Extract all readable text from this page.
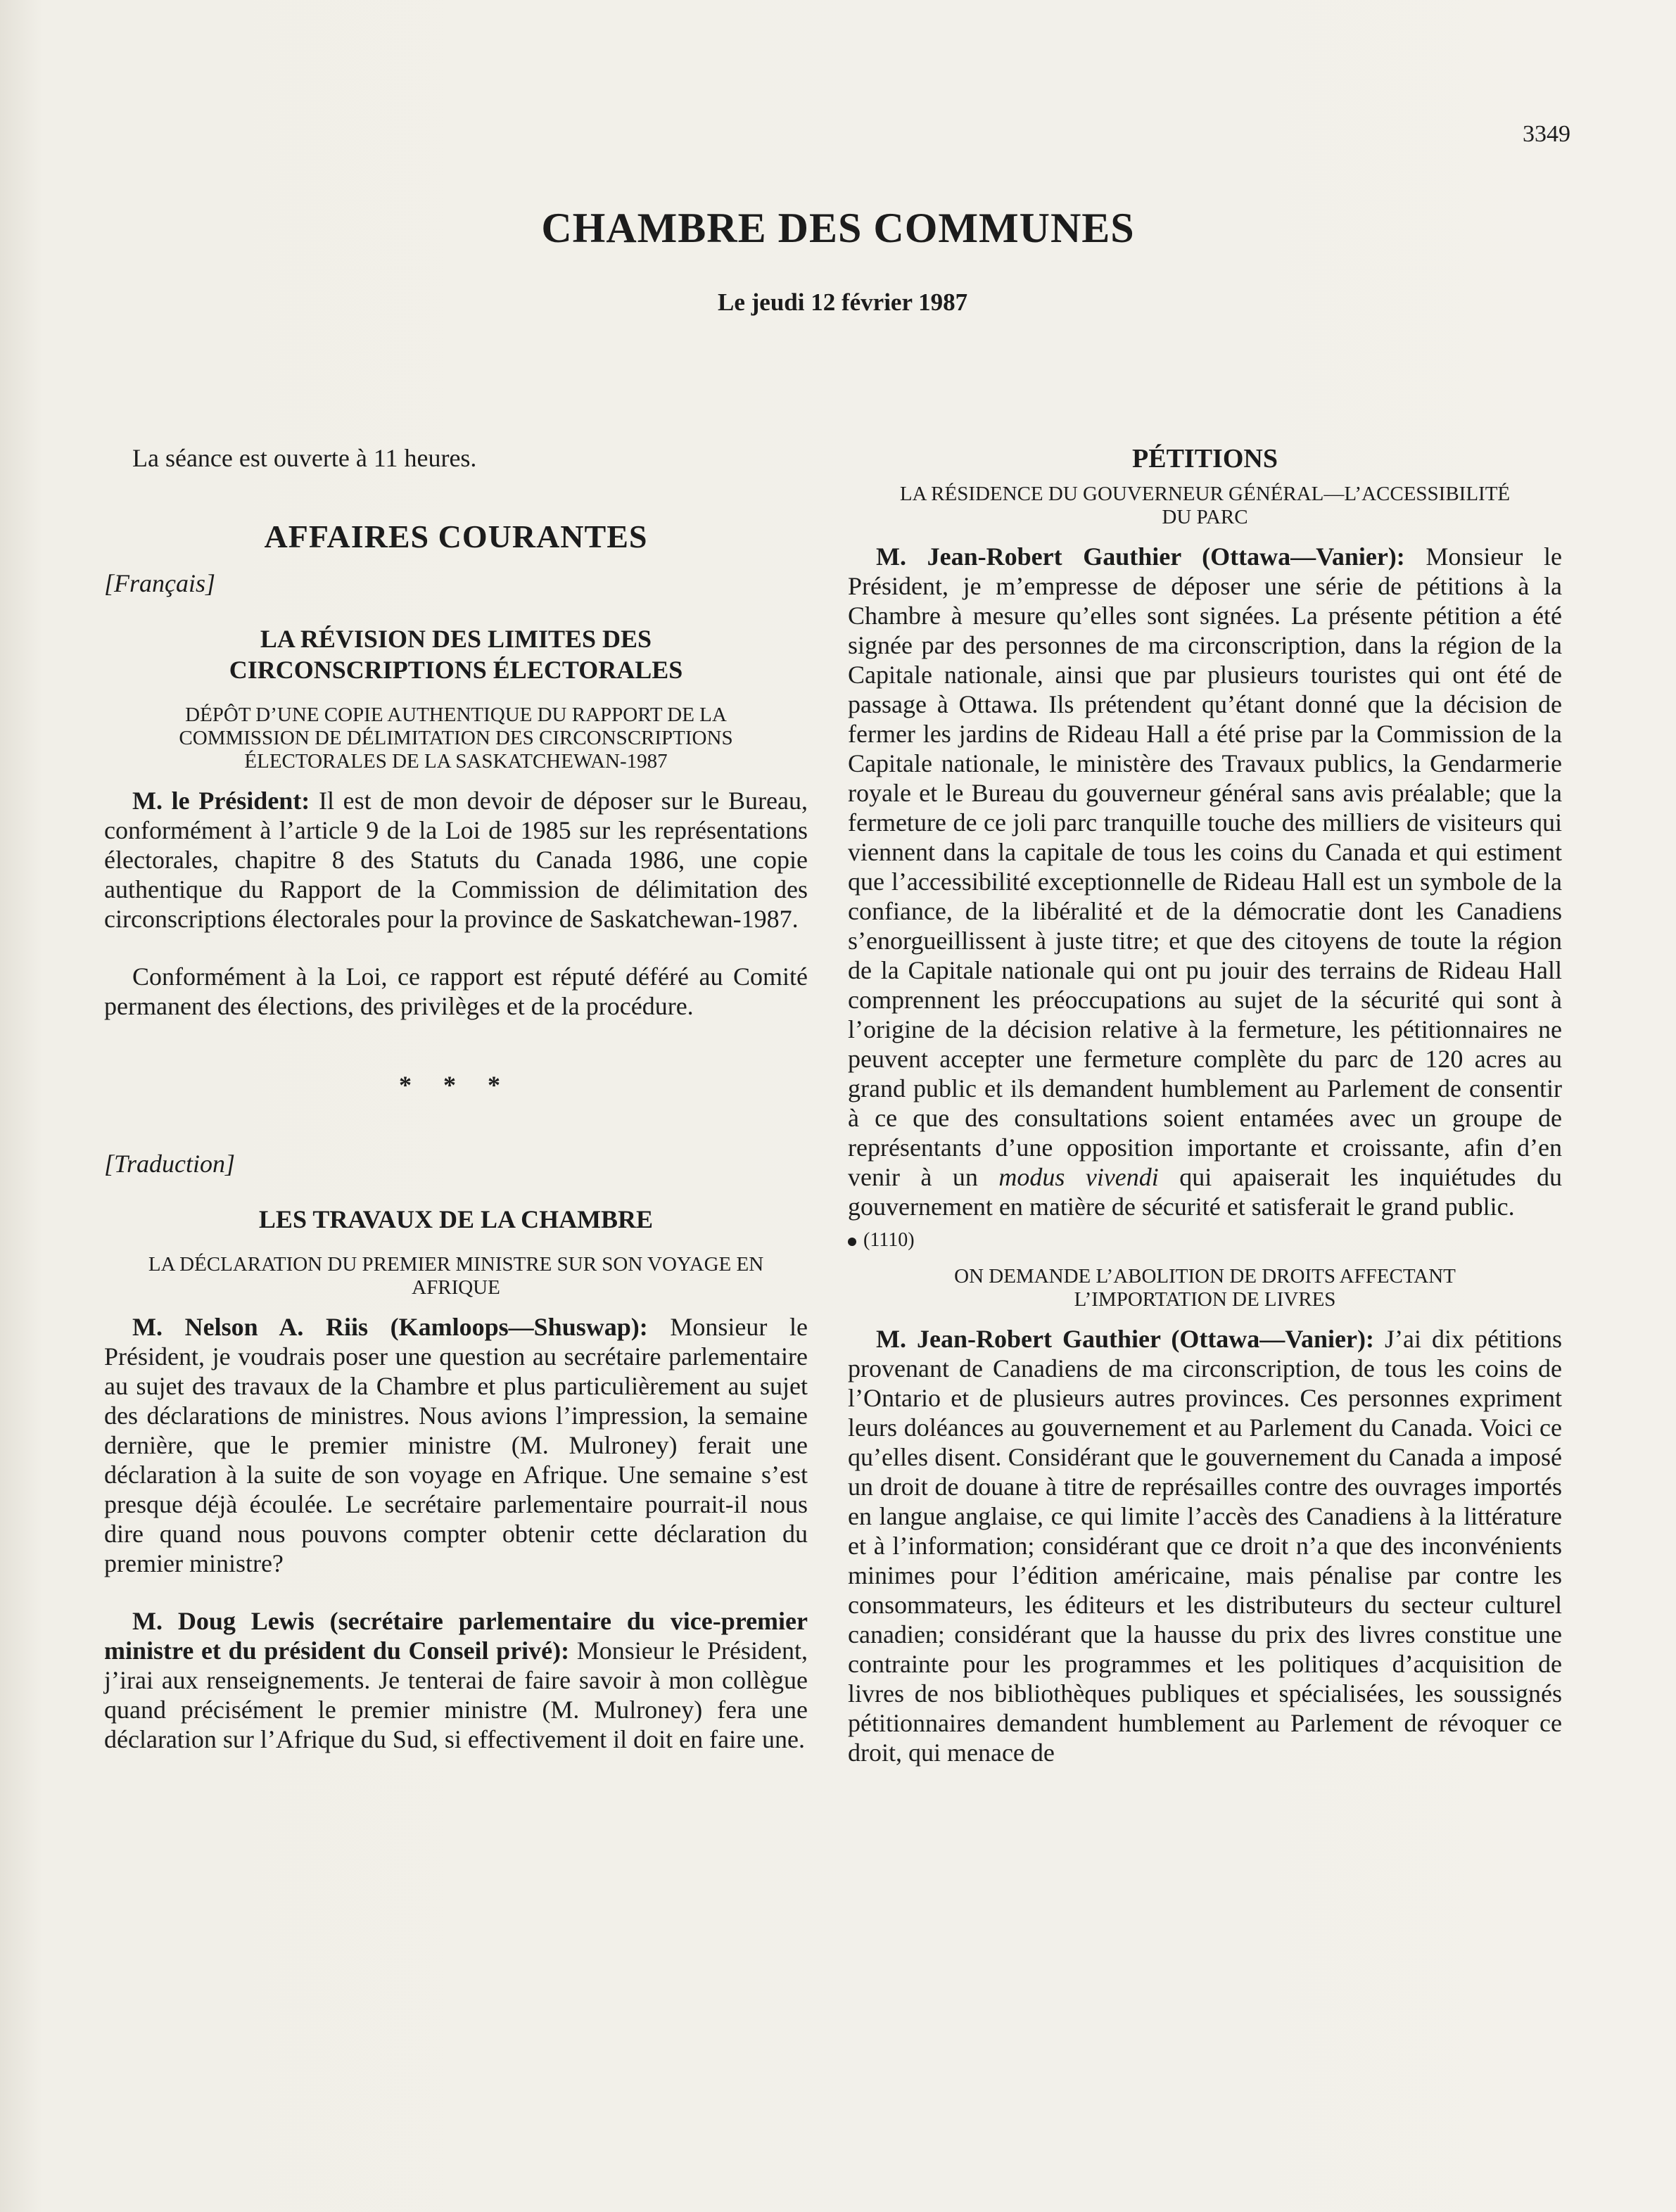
3349
CHAMBRE DES COMMUNES
Le jeudi 12 février 1987

La séance est ouverte à 11 heures.

AFFAIRES COURANTES

[Français]

LA RÉVISION DES LIMITES DES
CIRCONSCRIPTIONS ÉLECTORALES
DÉPÔT D’UNE COPIE AUTHENTIQUE DU RAPPORT DE LA
COMMISSION DE DÉLIMITATION DES CIRCONSCRIPTIONS
ÉLECTORALES DE LA SASKATCHEWAN-1987

M. le Président: Il est de mon devoir de déposer sur le Bureau, conformément à l’article 9 de la Loi de 1985 sur les représentations électorales, chapitre 8 des Statuts du Canada 1986, une copie authentique du Rapport de la Commission de délimitation des circonscriptions électorales pour la province de Saskatchewan-1987.

Conformément à la Loi, ce rapport est réputé déféré au Comité permanent des élections, des privilèges et de la procédure.

* * *

[Traduction]

LES TRAVAUX DE LA CHAMBRE
LA DÉCLARATION DU PREMIER MINISTRE SUR SON VOYAGE EN
AFRIQUE

M. Nelson A. Riis (Kamloops—Shuswap): Monsieur le Président, je voudrais poser une question au secrétaire parlementaire au sujet des travaux de la Chambre et plus particulièrement au sujet des déclarations de ministres. Nous avions l’impression, la semaine dernière, que le premier ministre (M. Mulroney) ferait une déclaration à la suite de son voyage en Afrique. Une semaine s’est presque déjà écoulée. Le secrétaire parlementaire pourrait-il nous dire quand nous pouvons compter obtenir cette déclaration du premier ministre?

M. Doug Lewis (secrétaire parlementaire du vice-premier ministre et du président du Conseil privé): Monsieur le Président, j’irai aux renseignements. Je tenterai de faire savoir à mon collègue quand précisément le premier ministre (M. Mulroney) fera une déclaration sur l’Afrique du Sud, si effectivement il doit en faire une.

PÉTITIONS
LA RÉSIDENCE DU GOUVERNEUR GÉNÉRAL—L’ACCESSIBILITÉ
DU PARC

M. Jean-Robert Gauthier (Ottawa—Vanier): Monsieur le Président, je m’empresse de déposer une série de pétitions à la Chambre à mesure qu’elles sont signées. La présente pétition a été signée par des personnes de ma circonscription, dans la région de la Capitale nationale, ainsi que par plusieurs touristes qui ont été de passage à Ottawa. Ils prétendent qu’étant donné que la décision de fermer les jardins de Rideau Hall a été prise par la Commission de la Capitale nationale, le ministère des Travaux publics, la Gendarmerie royale et le Bureau du gouverneur général sans avis préalable; que la fermeture de ce joli parc tranquille touche des milliers de visiteurs qui viennent dans la capitale de tous les coins du Canada et qui estiment que l’accessibilité exceptionnelle de Rideau Hall est un symbole de la confiance, de la libéralité et de la démocratie dont les Canadiens s’enorgueillissent à juste titre; et que des citoyens de toute la région de la Capitale nationale qui ont pu jouir des terrains de Rideau Hall comprennent les préoccupations au sujet de la sécurité qui sont à l’origine de la décision relative à la fermeture, les pétitionnaires ne peuvent accepter une fermeture complète du parc de 120 acres au grand public et ils demandent humblement au Parlement de consentir à ce que des consultations soient entamées avec un groupe de représentants d’une opposition importante et croissante, afin d’en venir à un modus vivendi qui apaiserait les inquiétudes du gouvernement en matière de sécurité et satisferait le grand public.

(1110)
ON DEMANDE L’ABOLITION DE DROITS AFFECTANT
L’IMPORTATION DE LIVRES

M. Jean-Robert Gauthier (Ottawa—Vanier): J’ai dix pétitions provenant de Canadiens de ma circonscription, de tous les coins de l’Ontario et de plusieurs autres provinces. Ces personnes expriment leurs doléances au gouvernement et au Parlement du Canada. Voici ce qu’elles disent. Considérant que le gouvernement du Canada a imposé un droit de douane à titre de représailles contre des ouvrages importés en langue anglaise, ce qui limite l’accès des Canadiens à la littérature et à l’information; considérant que ce droit n’a que des inconvénients minimes pour l’édition américaine, mais pénalise par contre les consommateurs, les éditeurs et les distributeurs du secteur culturel canadien; considérant que la hausse du prix des livres constitue une contrainte pour les programmes et les politiques d’acquisition de livres de nos bibliothèques publiques et spécialisées, les soussignés pétitionnaires demandent humblement au Parlement de révoquer ce droit, qui menace de
